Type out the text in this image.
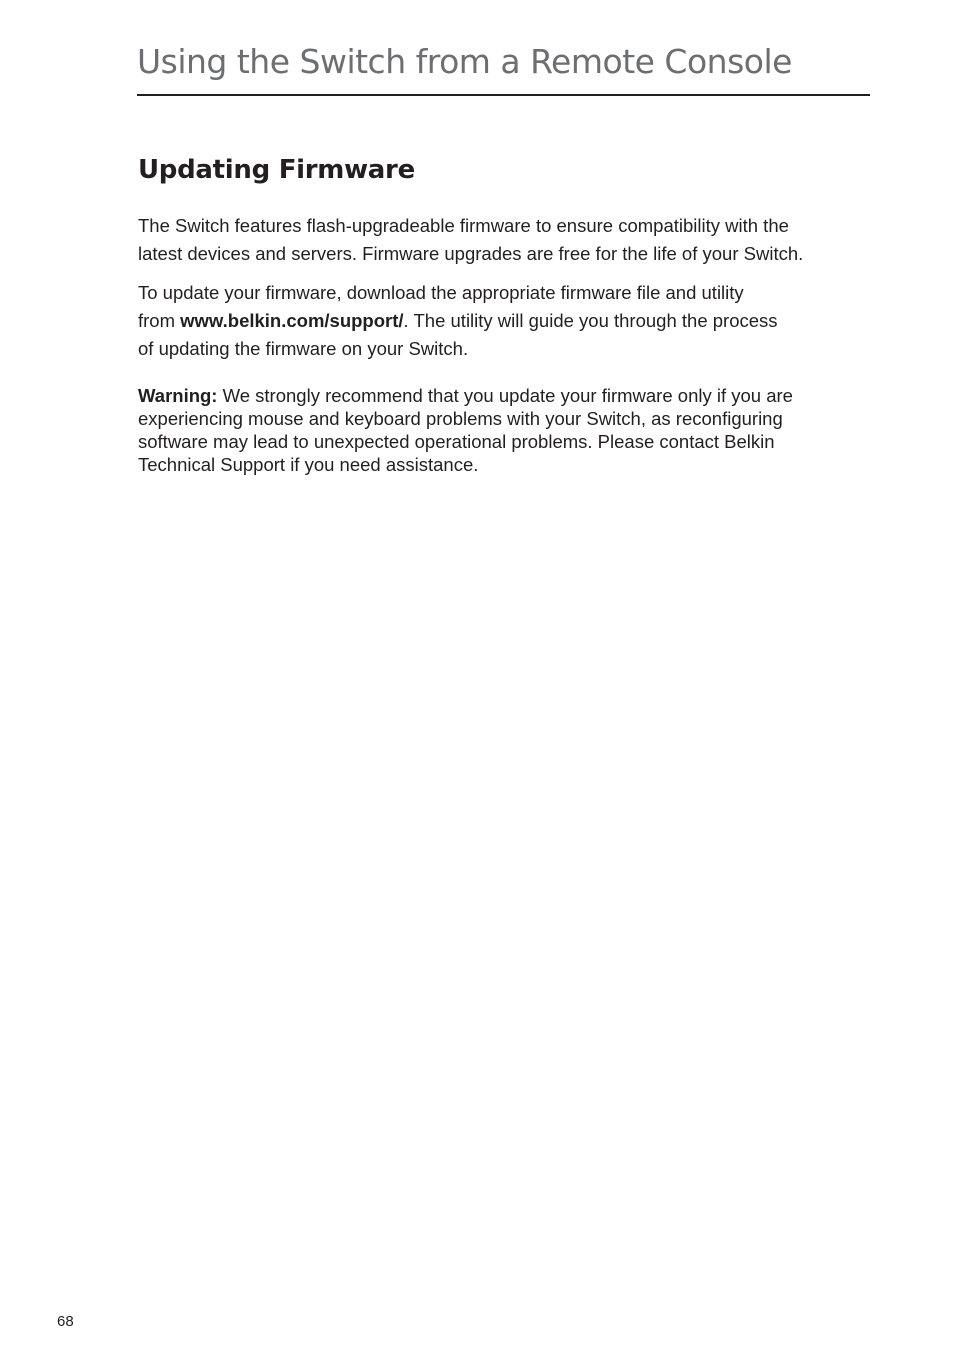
Using the Switch from a Remote Console
Updating Firmware

The Switch features flash-upgradeable firmware to ensure compatibility with the
latest devices and servers. Firmware upgrades are free for the life of your Switch.

To update your firmware, download the appropriate firmware file and utility
from www.belkin.com/support/. The utility will guide you through the process
of updating the firmware on your Switch.

Warning: We strongly recommend that you update your firmware only if you are
experiencing mouse and keyboard problems with your Switch, as reconfiguring
software may lead to unexpected operational problems. Please contact Belkin
Technical Support if you need assistance.

68
